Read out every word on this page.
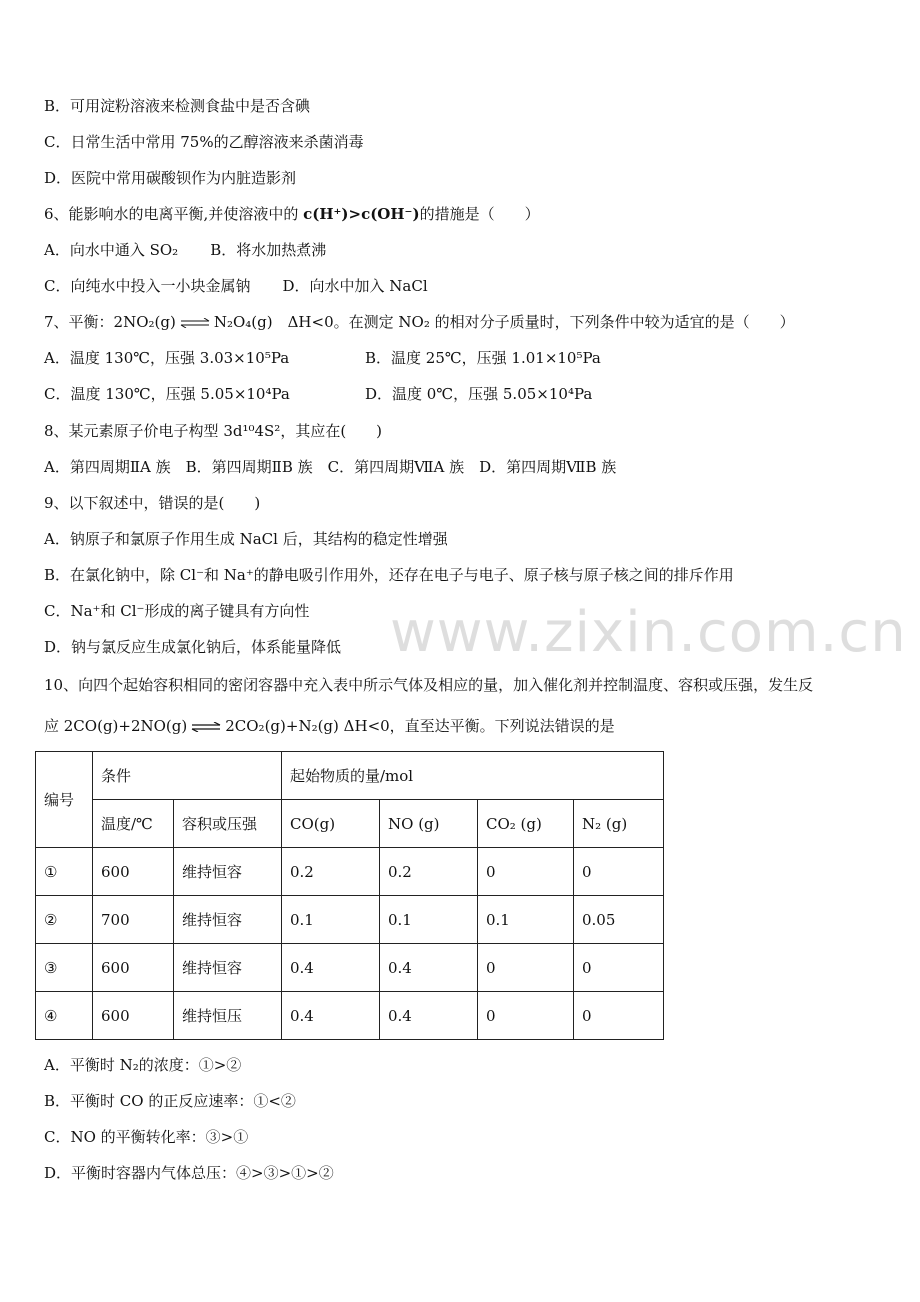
B．可用淀粉溶液来检测食盐中是否含碘
C．日常生活中常用 75%的乙醇溶液来杀菌消毒
D．医院中常用碳酸钡作为内脏造影剂
6、能影响水的电离平衡,并使溶液中的 c(H⁺)>c(OH⁻)的措施是（　　）
A．向水中通入 SO₂ B．将水加热煮沸
C．向纯水中投入一小块金属钠 D．向水中加入 NaCl
7、平衡：2NO₂(g) ⇌ N₂O₄(g)　ΔH<0。在测定 NO₂ 的相对分子质量时，下列条件中较为适宜的是（　　）
A．温度 130℃，压强 3.03×10⁵Pa	B．温度 25℃，压强 1.01×10⁵Pa
C．温度 130℃，压强 5.05×10⁴Pa	D．温度 0℃，压强 5.05×10⁴Pa
8、某元素原子价电子构型 3d¹⁰4S²，其应在(　　)
A．第四周期ⅡA 族　B．第四周期ⅡB 族　C．第四周期ⅦA 族　D．第四周期ⅦB 族
9、以下叙述中，错误的是(　　)
A．钠原子和氯原子作用生成 NaCl 后，其结构的稳定性增强
B．在氯化钠中，除 Cl⁻和 Na⁺的静电吸引作用外，还存在电子与电子、原子核与原子核之间的排斥作用
C．Na⁺和 Cl⁻形成的离子键具有方向性
D．钠与氯反应生成氯化钠后，体系能量降低 www.zixin.com.cn
10、向四个起始容积相同的密闭容器中充入表中所示气体及相应的量，加入催化剂并控制温度、容积或压强，发生反
应 2CO(g)+2NO(g) ⇌ 2CO₂(g)+N₂(g) ΔH<0，直至达平衡。下列说法错误的是
编号	条件		起始物质的量/mol			
	温度/℃	容积或压强	CO(g)	NO (g)	CO₂ (g)	N₂ (g)
①	600	维持恒容	0.2	0.2	0	0
②	700	维持恒容	0.1	0.1	0.1	0.05
③	600	维持恒容	0.4	0.4	0	0
④	600	维持恒压	0.4	0.4	0	0
A．平衡时 N₂的浓度：①>②
B．平衡时 CO 的正反应速率：①<②
C．NO 的平衡转化率：③>①
D．平衡时容器内气体总压：④>③>①>②
